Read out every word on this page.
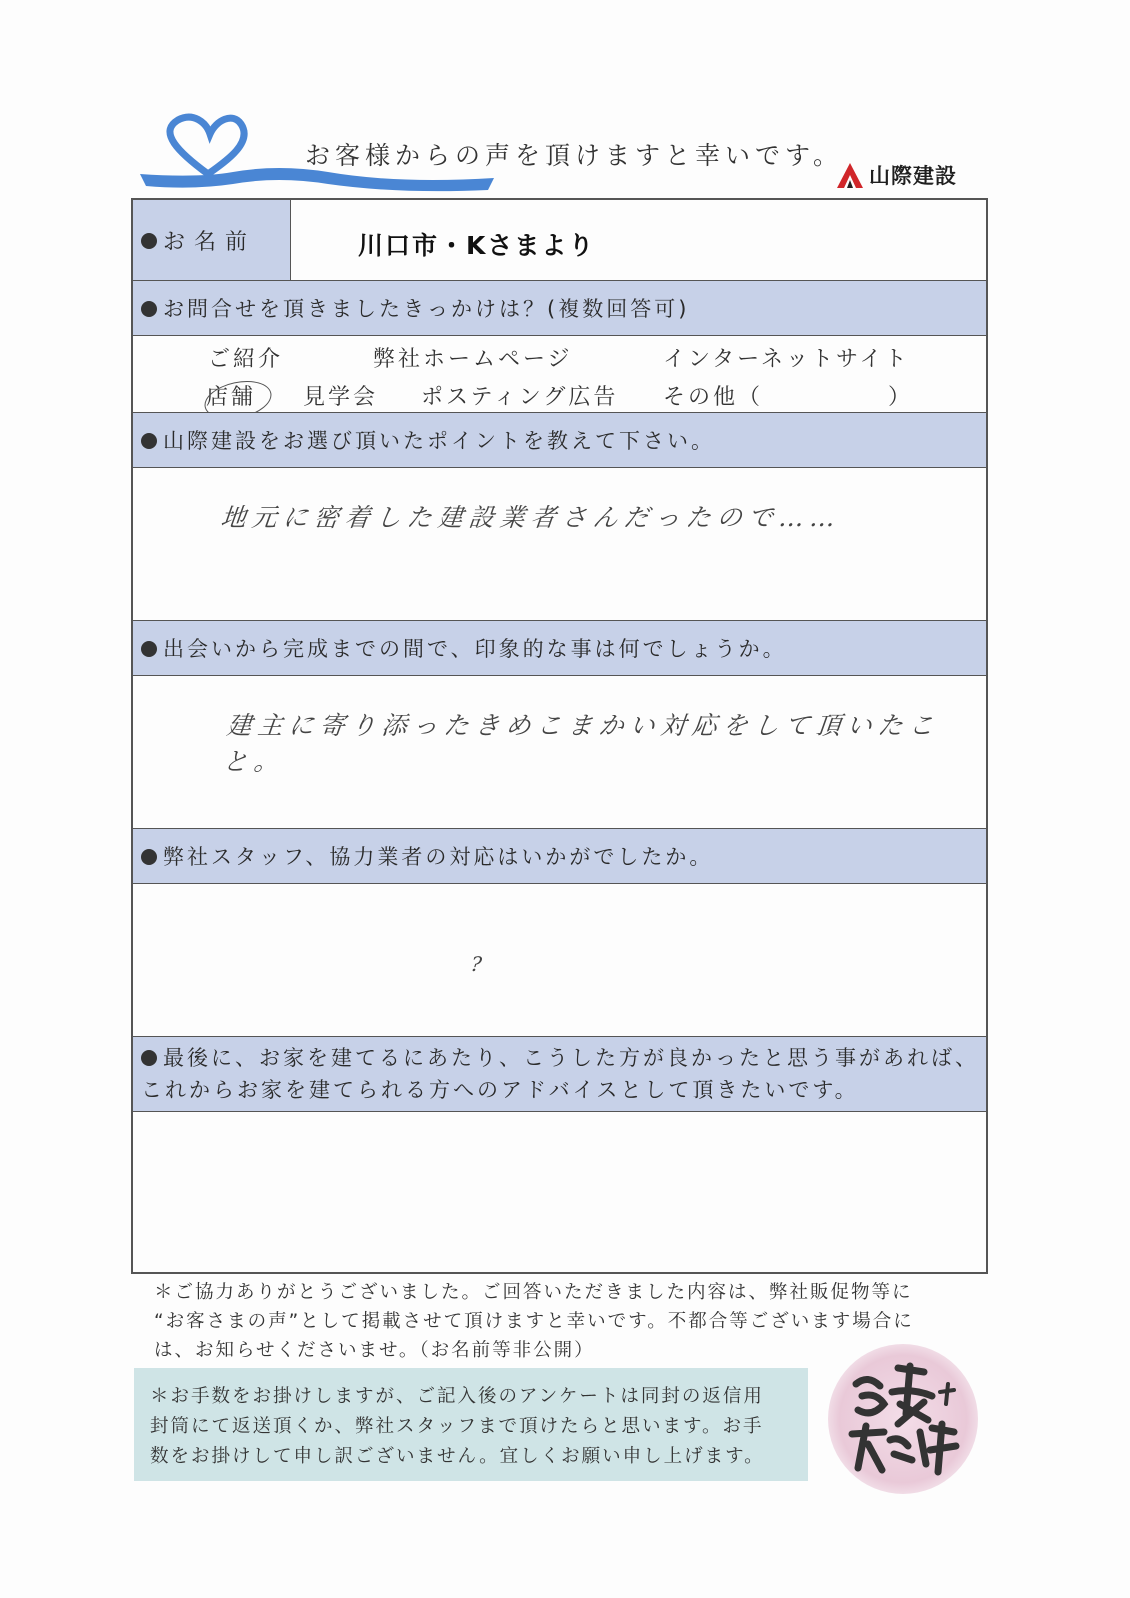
お客様からの声を頂けますと幸いです。
山際建設
お名前	川口市・Kさまより
お問合せを頂きましたきっかけは？(複数回答可)
ご紹介	弊社ホームページ	インターネットサイト
店舗 見学会 ポスティング広告 その他（　　　　　）
山際建設をお選び頂いたポイントを教えて下さい。
地元に密着した建設業者さんだったので……
出会いから完成までの間で、印象的な事は何でしょうか。
建主に寄り添ったきめこまかい対応をして頂いたこと。
弊社スタッフ、協力業者の対応はいかがでしたか。
?
最後に、お家を建てるにあたり、こうした方が良かったと思う事があれば、
これからお家を建てられる方へのアドバイスとして頂きたいです。
＊ご協力ありがとうございました。ご回答いただきました内容は、弊社販促物等に
“お客さまの声”として掲載させて頂けますと幸いです。不都合等ございます場合に
は、お知らせくださいませ。（お名前等非公開）
＊お手数をお掛けしますが、ご記入後のアンケートは同封の返信用
封筒にて返送頂くか、弊社スタッフまで頂けたらと思います。お手
数をお掛けして申し訳ございません。宜しくお願い申し上げます。
